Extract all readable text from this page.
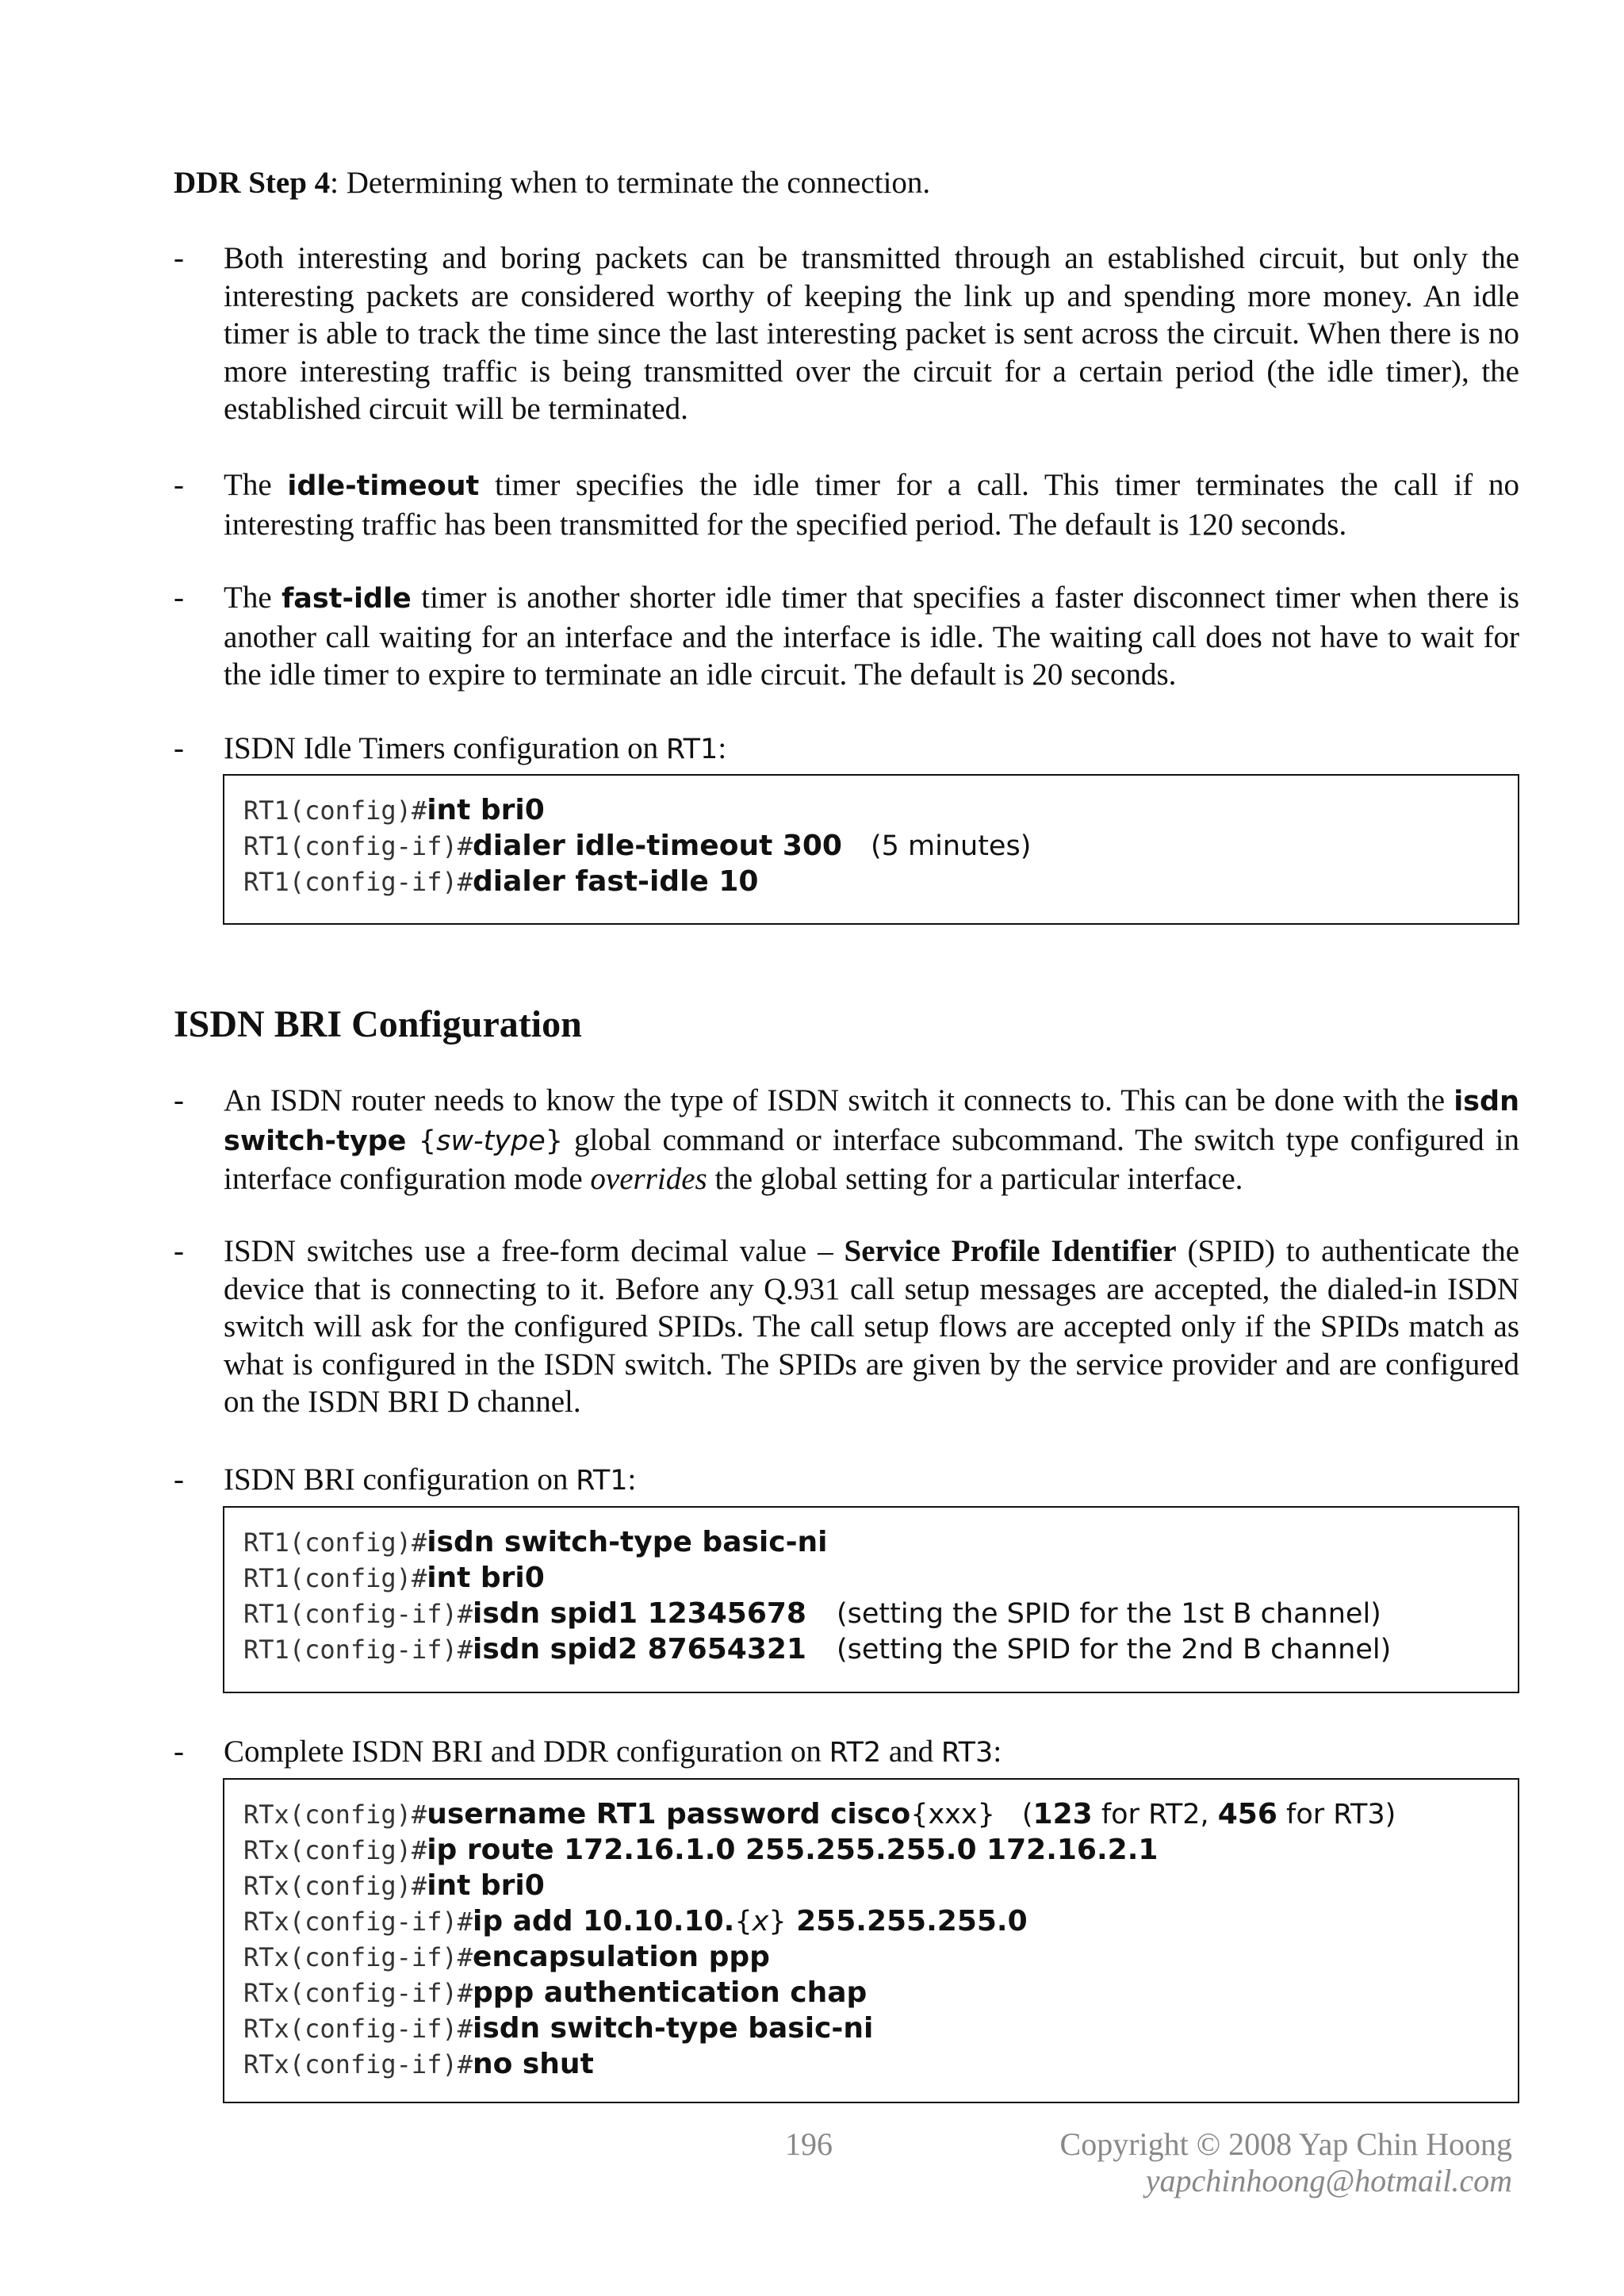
DDR Step 4: Determining when to terminate the connection.
- Both interesting and boring packets can be transmitted through an established circuit, but only the interesting packets are considered worthy of keeping the link up and spending more money. An idle timer is able to track the time since the last interesting packet is sent across the circuit. When there is no more interesting traffic is being transmitted over the circuit for a certain period (the idle timer), the established circuit will be terminated.
- The idle-timeout timer specifies the idle timer for a call. This timer terminates the call if no interesting traffic has been transmitted for the specified period. The default is 120 seconds.
- The fast-idle timer is another shorter idle timer that specifies a faster disconnect timer when there is another call waiting for an interface and the interface is idle. The waiting call does not have to wait for the idle timer to expire to terminate an idle circuit. The default is 20 seconds.
- ISDN Idle Timers configuration on RT1:
RT1(config)#int bri0
RT1(config-if)#dialer idle-timeout 300 (5 minutes)
RT1(config-if)#dialer fast-idle 10
ISDN BRI Configuration
- An ISDN router needs to know the type of ISDN switch it connects to. This can be done with the isdn switch-type {sw-type} global command or interface subcommand. The switch type configured in interface configuration mode overrides the global setting for a particular interface.
- ISDN switches use a free-form decimal value – Service Profile Identifier (SPID) to authenticate the device that is connecting to it. Before any Q.931 call setup messages are accepted, the dialed-in ISDN switch will ask for the configured SPIDs. The call setup flows are accepted only if the SPIDs match as what is configured in the ISDN switch. The SPIDs are given by the service provider and are configured on the ISDN BRI D channel.
- ISDN BRI configuration on RT1:
RT1(config)#isdn switch-type basic-ni
RT1(config)#int bri0
RT1(config-if)#isdn spid1 12345678 (setting the SPID for the 1st B channel)
RT1(config-if)#isdn spid2 87654321 (setting the SPID for the 2nd B channel)
- Complete ISDN BRI and DDR configuration on RT2 and RT3:
RTx(config)#username RT1 password cisco{xxx} (123 for RT2, 456 for RT3)
RTx(config)#ip route 172.16.1.0 255.255.255.0 172.16.2.1
RTx(config)#int bri0
RTx(config-if)#ip add 10.10.10.{x} 255.255.255.0
RTx(config-if)#encapsulation ppp
RTx(config-if)#ppp authentication chap
RTx(config-if)#isdn switch-type basic-ni
RTx(config-if)#no shut
196	Copyright © 2008 Yap Chin Hoong
yapchinhoong@hotmail.com
